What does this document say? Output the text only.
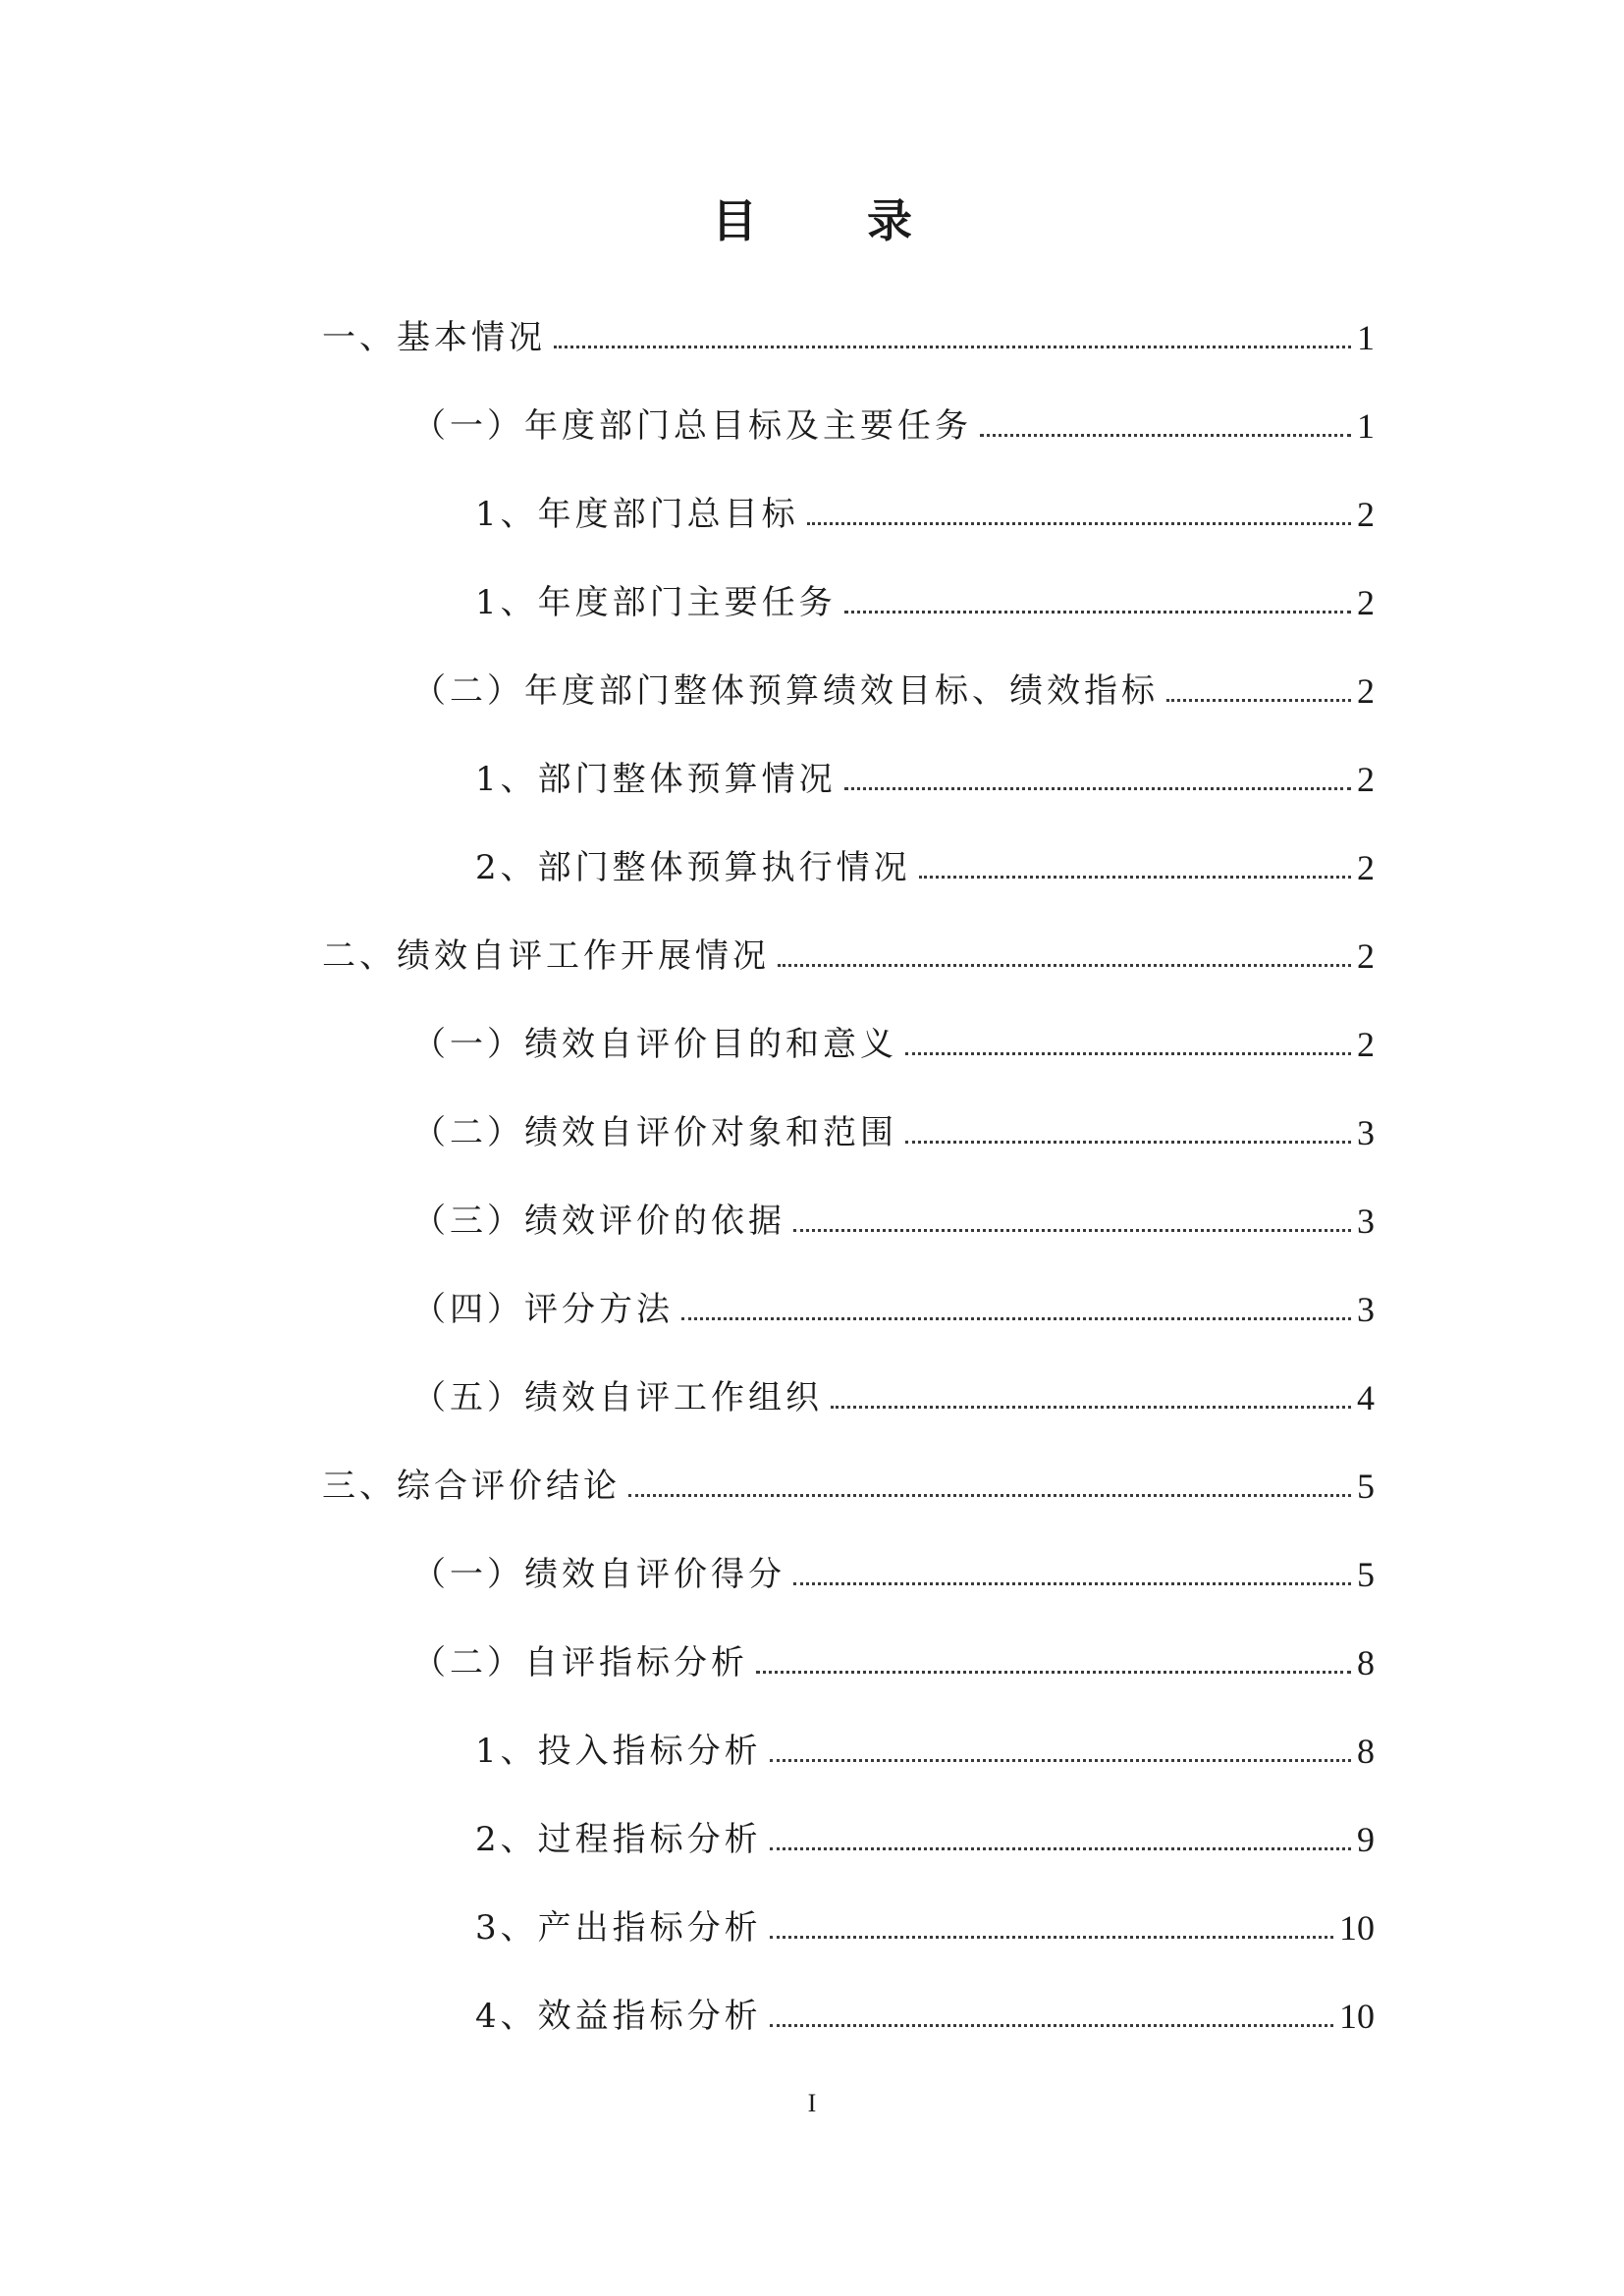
目 录
一、基本情况	1
（一）年度部门总目标及主要任务	1
1、年度部门总目标	2
1、年度部门主要任务	2
（二）年度部门整体预算绩效目标、绩效指标	2
1、部门整体预算情况	2
2、部门整体预算执行情况	2
二、绩效自评工作开展情况	2
（一）绩效自评价目的和意义	2
（二）绩效自评价对象和范围	3
（三）绩效评价的依据	3
（四）评分方法	3
（五）绩效自评工作组织	4
三、综合评价结论	5
（一）绩效自评价得分	5
（二）自评指标分析	8
1、投入指标分析	8
2、过程指标分析	9
3、产出指标分析	10
4、效益指标分析	10
I
